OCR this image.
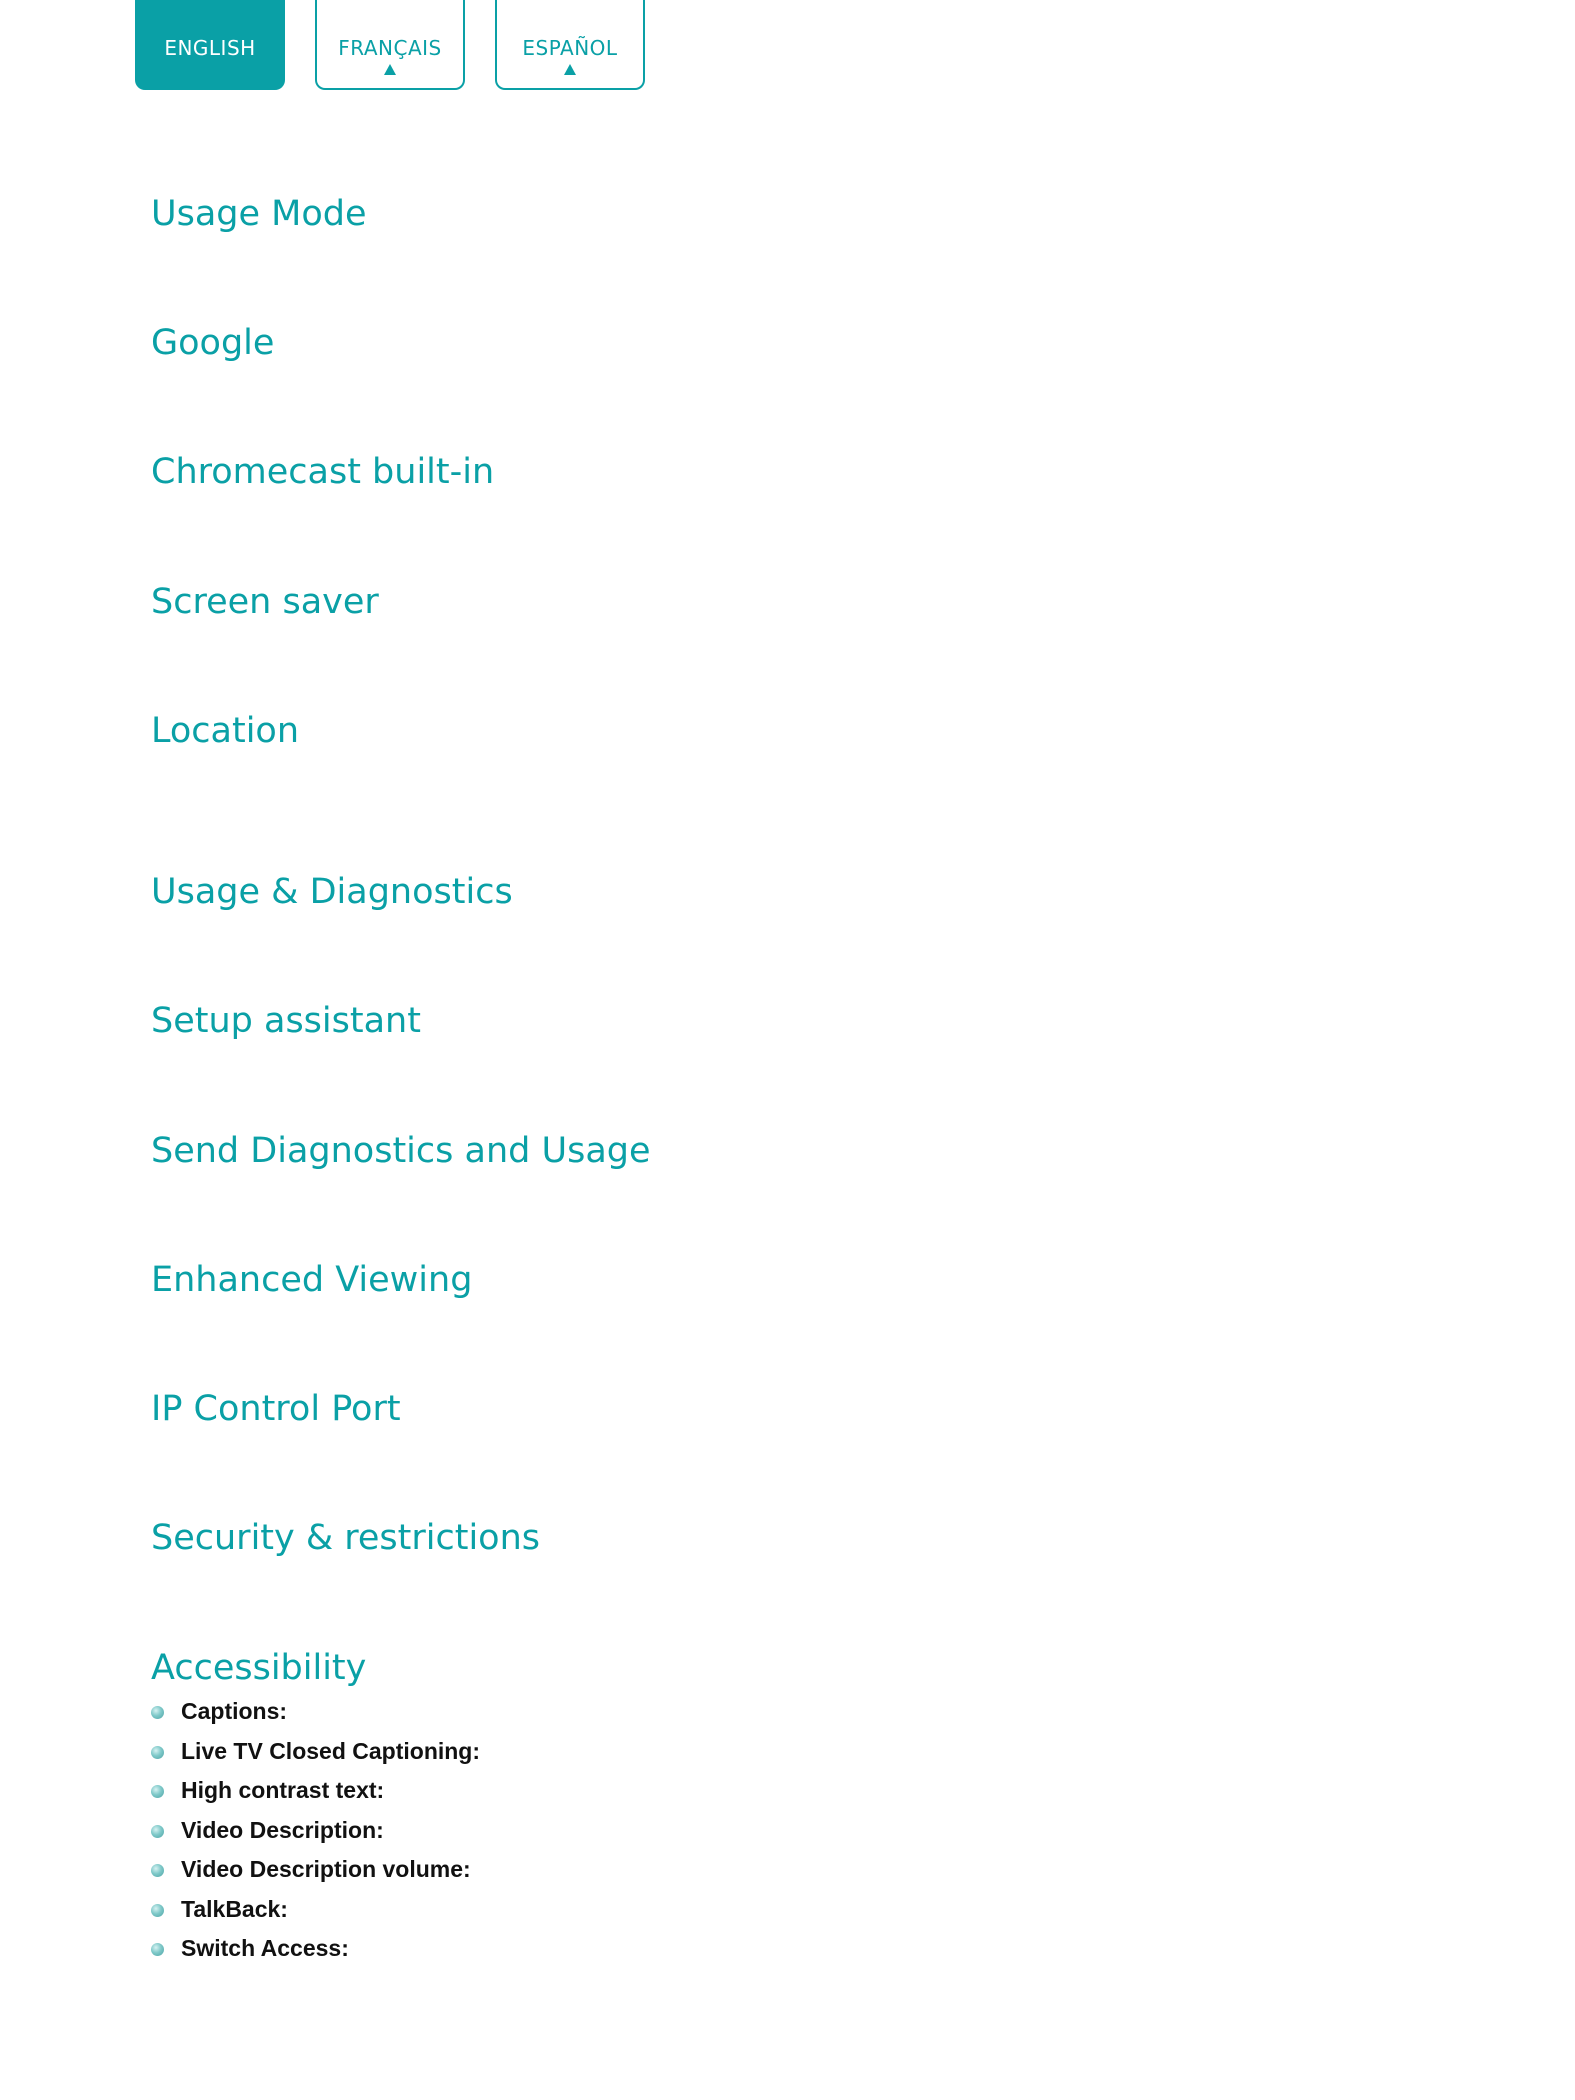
ENGLISH	FRANÇAIS	ESPAÑOL
Usage Mode
Google
Chromecast built-in
Screen saver
Location
Usage & Diagnostics
Setup assistant
Send Diagnostics and Usage
Enhanced Viewing
IP Control Port
Security & restrictions
Accessibility
Captions:
Live TV Closed Captioning:
High contrast text:
Video Description:
Video Description volume:
TalkBack:
Switch Access:
